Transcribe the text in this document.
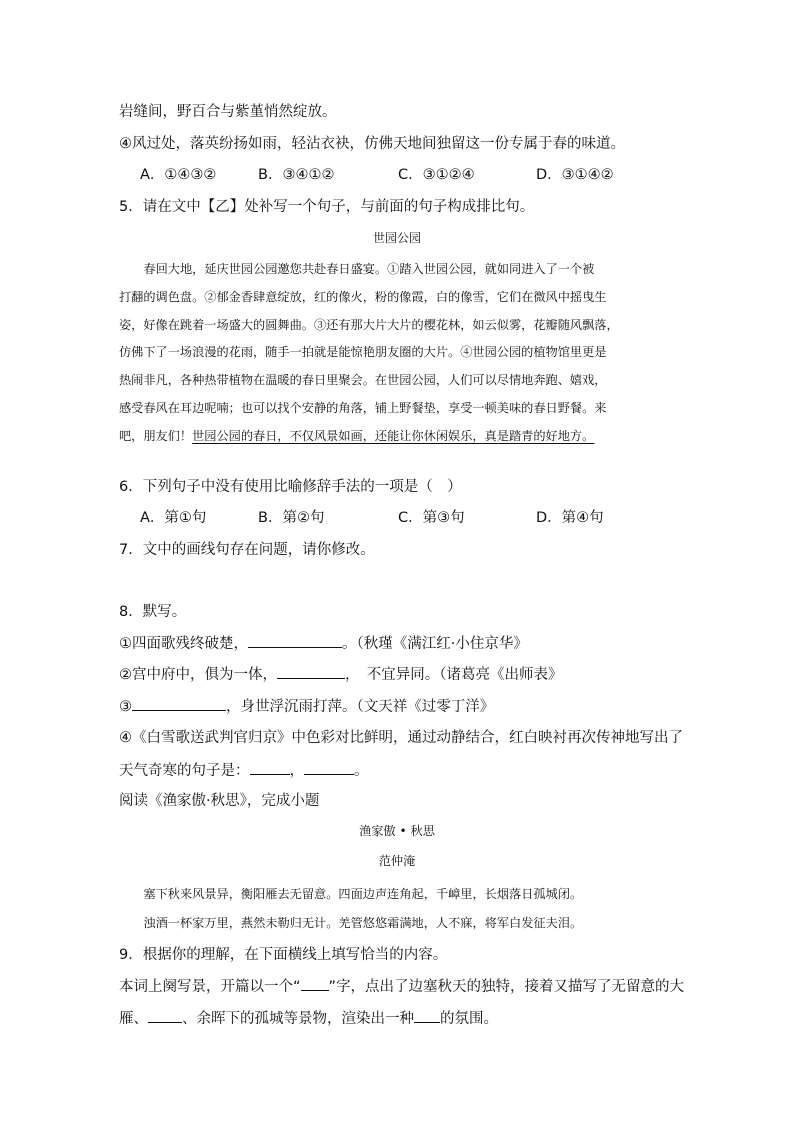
岩缝间，野百合与紫堇悄然绽放。
④风过处，落英纷扬如雨，轻沾衣袂，仿佛天地间独留这一份专属于春的味道。
A．①④③②	B．③④①②	C．③①②④	D．③①④②
5．请在文中【乙】处补写一个句子，与前面的句子构成排比句。
世园公园
春回大地，延庆世园公园邀您共赴春日盛宴。①踏入世园公园，就如同进入了一个被
打翻的调色盘。②郁金香肆意绽放，红的像火，粉的像霞，白的像雪，它们在微风中摇曳生
姿，好像在跳着一场盛大的圆舞曲。③还有那大片大片的樱花林，如云似雾，花瓣随风飘落，
仿佛下了一场浪漫的花雨，随手一拍就是能惊艳朋友圈的大片。④世园公园的植物馆里更是
热闹非凡，各种热带植物在温暖的春日里聚会。在世园公园，人们可以尽情地奔跑、嬉戏，
感受春风在耳边呢喃；也可以找个安静的角落，铺上野餐垫，享受一顿美味的春日野餐。来
吧，朋友们！世园公园的春日，不仅风景如画，还能让你休闲娱乐，真是踏青的好地方。
6．下列句子中没有使用比喻修辞手法的一项是（　）
A．第①句	B．第②句	C．第③句	D．第④句
7．文中的画线句存在问题，请你修改。
8．默写。
①四面歌残终破楚，	。（秋瑾《满江红·小住京华》
②宫中府中，俱为一体，	，　不宜异同。（诸葛亮《出师表》
③	，身世浮沉雨打萍。（文天祥《过零丁洋》
④《白雪歌送武判官归京》中色彩对比鲜明，通过动静结合，红白映衬再次传神地写出了
天气奇寒的句子是：	，	。
阅读《渔家傲·秋思》，完成小题
渔家傲 • 秋思
范仲淹
塞下秋来风景异，衡阳雁去无留意。四面边声连角起，千嶂里，长烟落日孤城闭。
浊酒一杯家万里，燕然未勒归无计。羌管悠悠霜满地，人不寐，将军白发征夫泪。
9．根据你的理解，在下面横线上填写恰当的内容。
本词上阕写景，开篇以一个“ ”字，点出了边塞秋天的独特，接着又描写了无留意的大
雁、 、余晖下的孤城等景物，渲染出一种 的氛围。
